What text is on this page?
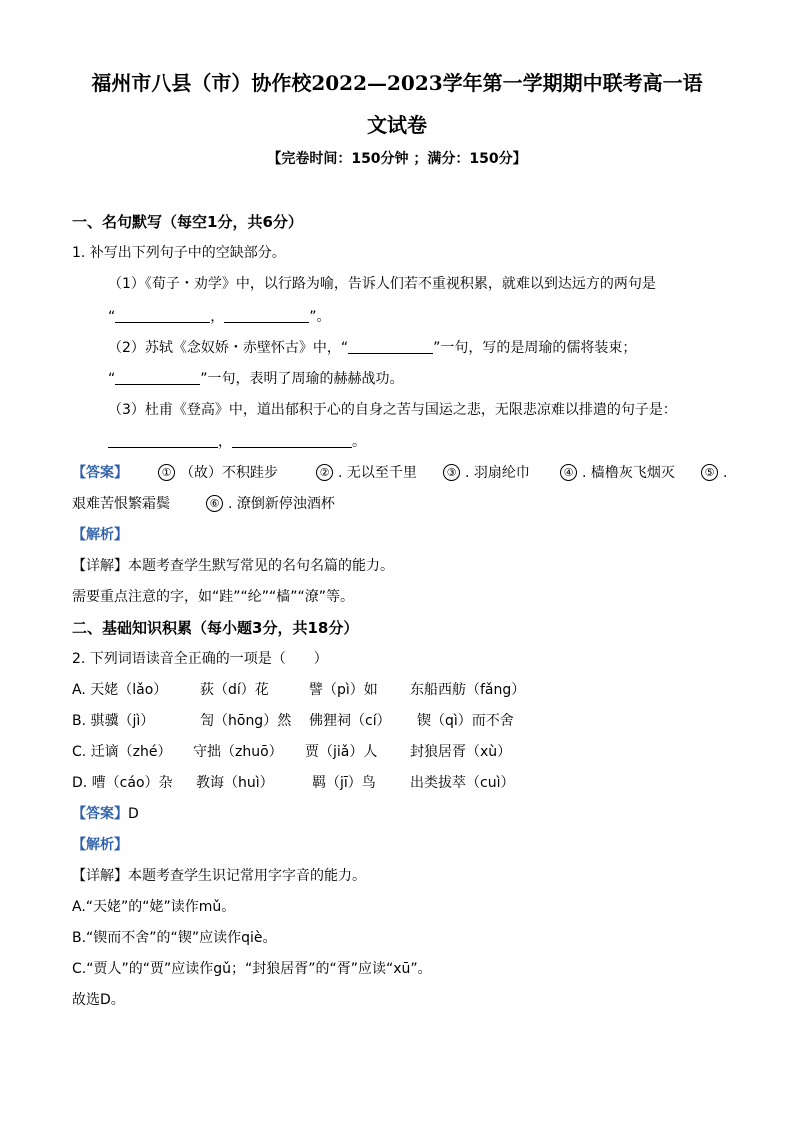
福州市八县（市）协作校2022—2023学年第一学期期中联考高一语
文试卷
【完卷时间：150分钟 ；满分：150分】
一、名句默写（每空1分，共6分）
1. 补写出下列句子中的空缺部分。
（1）《荀子・劝学》中，以行路为喻，告诉人们若不重视积累，就难以到达远方的两句是
“	，	”。
（2）苏轼《念奴娇・赤壁怀古》中，“	”一句，写的是周瑜的儒将装束；
“	”一句，表明了周瑜的赫赫战功。
（3）杜甫《登高》中，道出郁积于心的自身之苦与国运之悲，无限悲凉难以排遣的句子是：
，	。
【答案】	① （故）不积跬步	② . 无以至千里	③ . 羽扇纶巾	④ . 樯橹灰飞烟灭	⑤ .
艰难苦恨繁霜鬓	⑥ . 潦倒新停浊酒杯
【解析】
【详解】本题考查学生默写常见的名句名篇的能力。
需要重点注意的字，如“跬”“纶”“樯”“潦”等。
二、基础知识积累（每小题3分，共18分）
2. 下列词语读音全正确的一项是（　　）
A. 天姥（lǎo） 荻（dí）花	譬（pì）如 东船西舫（fǎng）
B. 骐骥（jì）	訇（hōng）然 佛狸祠（cí） 锲（qì）而不舍
C. 迁谪（zhé） 守拙（zhuō） 贾（jiǎ）人 封狼居胥（xù）
D. 嘈（cáo）杂 教诲（huì）	羁（jī）鸟 出类拔萃（cuì）
【答案】D
【解析】
【详解】本题考查学生识记常用字字音的能力。
A.“天姥”的“姥”读作mǔ。
B.“锲而不舍”的“锲”应读作qiè。
C.“贾人”的“贾”应读作gǔ；“封狼居胥”的“胥”应读“xū”。
故选D。
